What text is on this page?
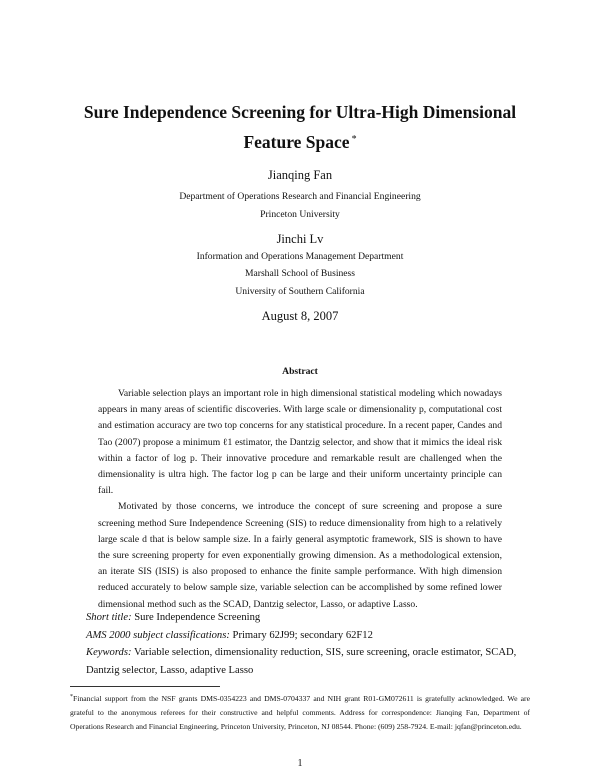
Sure Independence Screening for Ultra-High Dimensional
Feature Space *
Jianqing Fan
Department of Operations Research and Financial Engineering
Princeton University
Jinchi Lv
Information and Operations Management Department
Marshall School of Business
University of Southern California
August 8, 2007
Abstract

Variable selection plays an important role in high dimensional statistical modeling which nowadays appears in many areas of scientific discoveries. With large scale or dimensionality p, computational cost and estimation accuracy are two top concerns for any statistical procedure. In a recent paper, Candes and Tao (2007) propose a minimum ℓ1 estimator, the Dantzig selector, and show that it mimics the ideal risk within a factor of log p. Their innovative procedure and remarkable result are challenged when the dimensionality is ultra high. The factor log p can be large and their uniform uncertainty principle can fail.

Motivated by those concerns, we introduce the concept of sure screening and propose a sure screening method Sure Independence Screening (SIS) to reduce dimensionality from high to a relatively large scale d that is below sample size. In a fairly general asymptotic framework, SIS is shown to have the sure screening property for even exponentially growing dimension. As a methodological extension, an iterate SIS (ISIS) is also proposed to enhance the finite sample performance. With high dimension reduced accurately to below sample size, variable selection can be accomplished by some refined lower dimensional method such as the SCAD, Dantzig selector, Lasso, or adaptive Lasso.

Short title: Sure Independence Screening
AMS 2000 subject classifications: Primary 62J99; secondary 62F12
Keywords: Variable selection, dimensionality reduction, SIS, sure screening, oracle estimator, SCAD, Dantzig selector, Lasso, adaptive Lasso
*Financial support from the NSF grants DMS-0354223 and DMS-0704337 and NIH grant R01-GM072611 is gratefully acknowledged. We are grateful to the anonymous referees for their constructive and helpful comments. Address for correspondence: Jianqing Fan, Department of Operations Research and Financial Engineering, Princeton University, Princeton, NJ 08544. Phone: (609) 258-7924. E-mail: jqfan@princeton.edu.
1
